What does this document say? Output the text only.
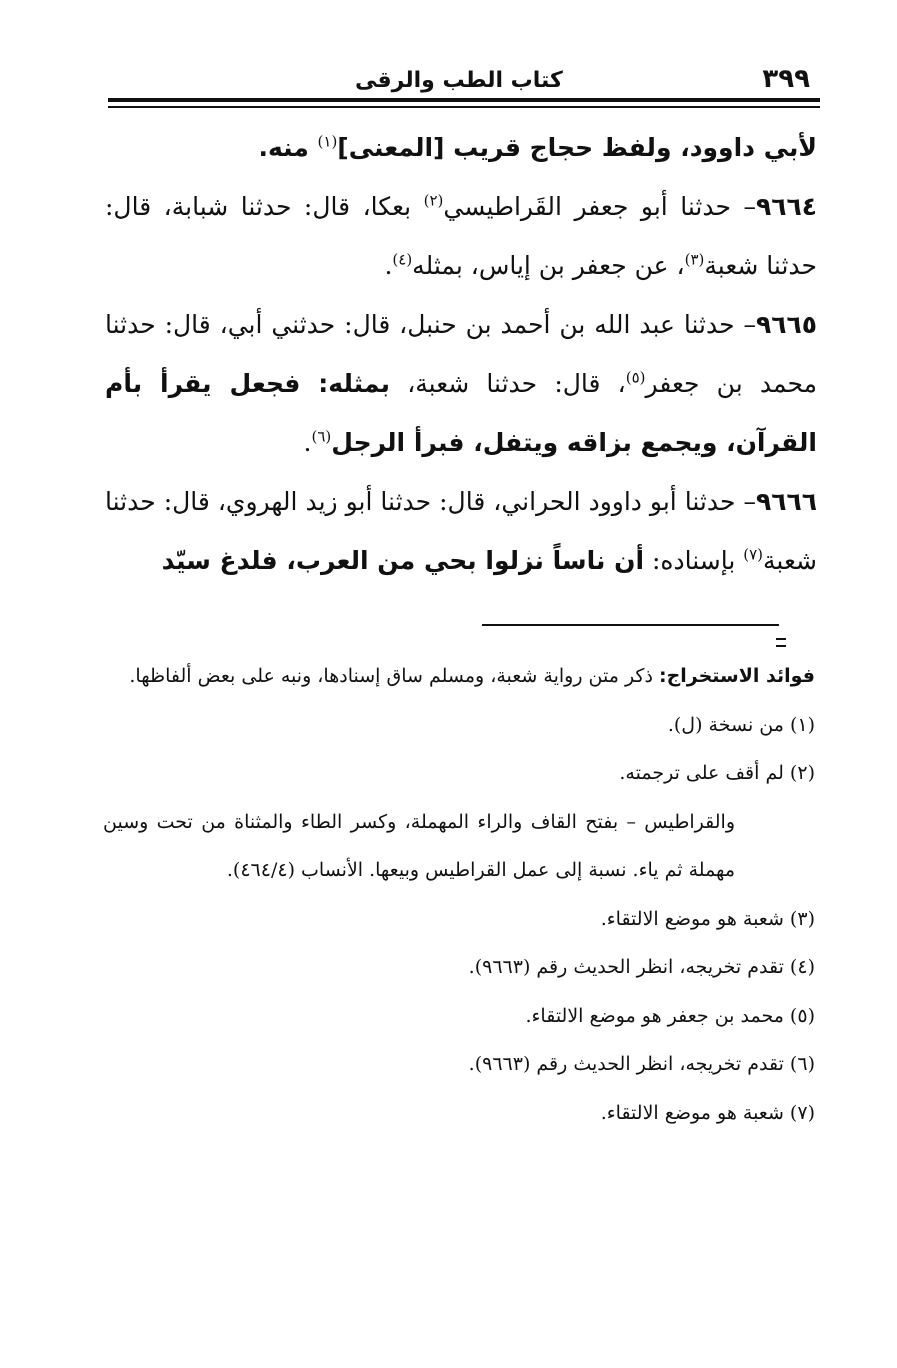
٣٩٩
كتاب الطب والرقى

لأبي داوود، ولفظ حجاج قريب [المعنى]$^{(١)}$ منه.

٩٦٦٤– حدثنا أبو جعفر القَراطيسي$^{(٢)}$ بعكا، قال: حدثنا شبابة، قال: حدثنا شعبة$^{(٣)}$، عن جعفر بن إياس، بمثله$^{(٤)}$.

٩٦٦٥– حدثنا عبد الله بن أحمد بن حنبل، قال: حدثني أبي، قال: حدثنا محمد بن جعفر$^{(٥)}$، قال: حدثنا شعبة، بمثله: فجعل يقرأ بأم القرآن، ويجمع بزاقه ويتفل، فبرأ الرجل$^{(٦)}$.

٩٦٦٦– حدثنا أبو داوود الحراني، قال: حدثنا أبو زيد الهروي، قال: حدثنا شعبة$^{(٧)}$ بإسناده: أن ناساً نزلوا بحي من العرب، فلدغ سيّد

فوائد الاستخراج: ذكر متن رواية شعبة، ومسلم ساق إسنادها، ونبه على بعض ألفاظها.

(١) من نسخة (ل).

(٢) لم أقف على ترجمته.

والقراطيس – بفتح القاف والراء المهملة، وكسر الطاء والمثناة من تحت وسين مهملة ثم ياء. نسبة إلى عمل القراطيس وبيعها. الأنساب (٤٦٤/٤).

(٣) شعبة هو موضع الالتقاء.

(٤) تقدم تخريجه، انظر الحديث رقم (٩٦٦٣).

(٥) محمد بن جعفر هو موضع الالتقاء.

(٦) تقدم تخريجه، انظر الحديث رقم (٩٦٦٣).

(٧) شعبة هو موضع الالتقاء.
